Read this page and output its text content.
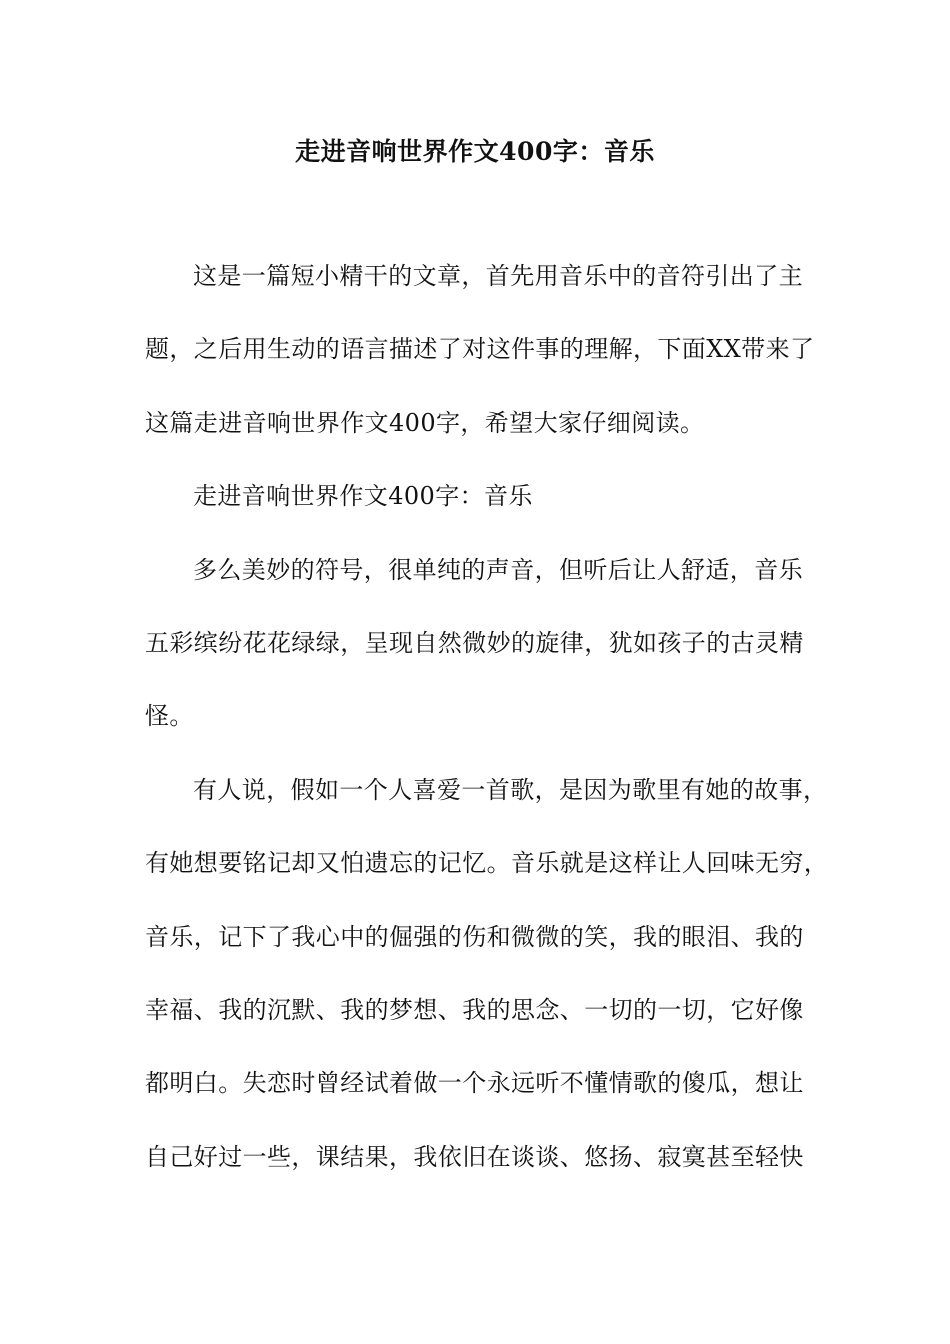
走进音响世界作文400字：音乐
这是一篇短小精干的文章，首先用音乐中的音符引出了主
题，之后用生动的语言描述了对这件事的理解，下面XX带来了
这篇走进音响世界作文400字，希望大家仔细阅读。
走进音响世界作文400字：音乐
多么美妙的符号，很单纯的声音，但听后让人舒适，音乐
五彩缤纷花花绿绿，呈现自然微妙的旋律，犹如孩子的古灵精
怪。
有人说，假如一个人喜爱一首歌，是因为歌里有她的故事，
有她想要铭记却又怕遗忘的记忆。音乐就是这样让人回味无穷，
音乐，记下了我心中的倔强的伤和微微的笑，我的眼泪、我的
幸福、我的沉默、我的梦想、我的思念、一切的一切，它好像
都明白。失恋时曾经试着做一个永远听不懂情歌的傻瓜，想让
自己好过一些，课结果，我依旧在谈谈、悠扬、寂寞甚至轻快
